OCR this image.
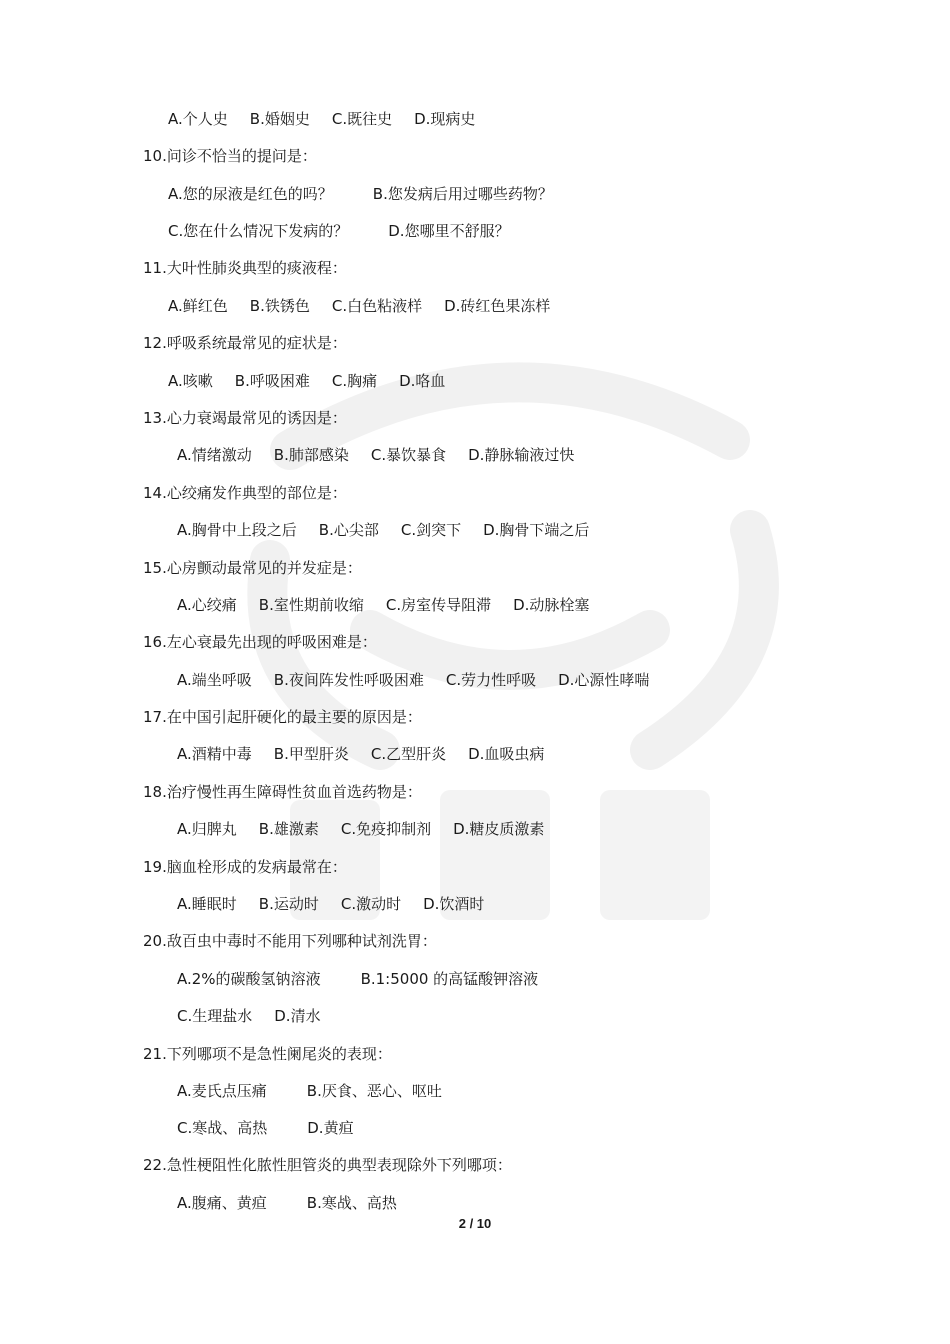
A.个人史 B.婚姻史 C.既往史 D.现病史
10.问诊不恰当的提问是：
A.您的尿液是红色的吗？	B.您发病后用过哪些药物？
C.您在什么情况下发病的？	D.您哪里不舒服？
11.大叶性肺炎典型的痰液程：
A.鲜红色 B.铁锈色 C.白色粘液样 D.砖红色果冻样
12.呼吸系统最常见的症状是：
A.咳嗽 B.呼吸困难 C.胸痛 D.咯血
13.心力衰竭最常见的诱因是：
A.情绪激动 B.肺部感染 C.暴饮暴食 D.静脉输液过快
14.心绞痛发作典型的部位是：
A.胸骨中上段之后 B.心尖部 C.剑突下 D.胸骨下端之后
15.心房颤动最常见的并发症是：
A.心绞痛 B.室性期前收缩 C.房室传导阻滞 D.动脉栓塞
16.左心衰最先出现的呼吸困难是：
A.端坐呼吸 B.夜间阵发性呼吸困难 C.劳力性呼吸 D.心源性哮喘
17.在中国引起肝硬化的最主要的原因是：
A.酒精中毒 B.甲型肝炎 C.乙型肝炎 D.血吸虫病
18.治疗慢性再生障碍性贫血首选药物是：
A.归脾丸 B.雄激素 C.免疫抑制剂 D.糖皮质激素
19.脑血栓形成的发病最常在：
A.睡眠时 B.运动时 C.激动时 D.饮酒时
20.敌百虫中毒时不能用下列哪种试剂洗胃：
A.2%的碳酸氢钠溶液	B.1:5000 的高锰酸钾溶液
C.生理盐水 D.清水
21.下列哪项不是急性阑尾炎的表现：
A.麦氏点压痛	B.厌食、恶心、呕吐
C.寒战、高热	D.黄疸
22.急性梗阻性化脓性胆管炎的典型表现除外下列哪项：
A.腹痛、黄疸	B.寒战、高热
2 / 10
